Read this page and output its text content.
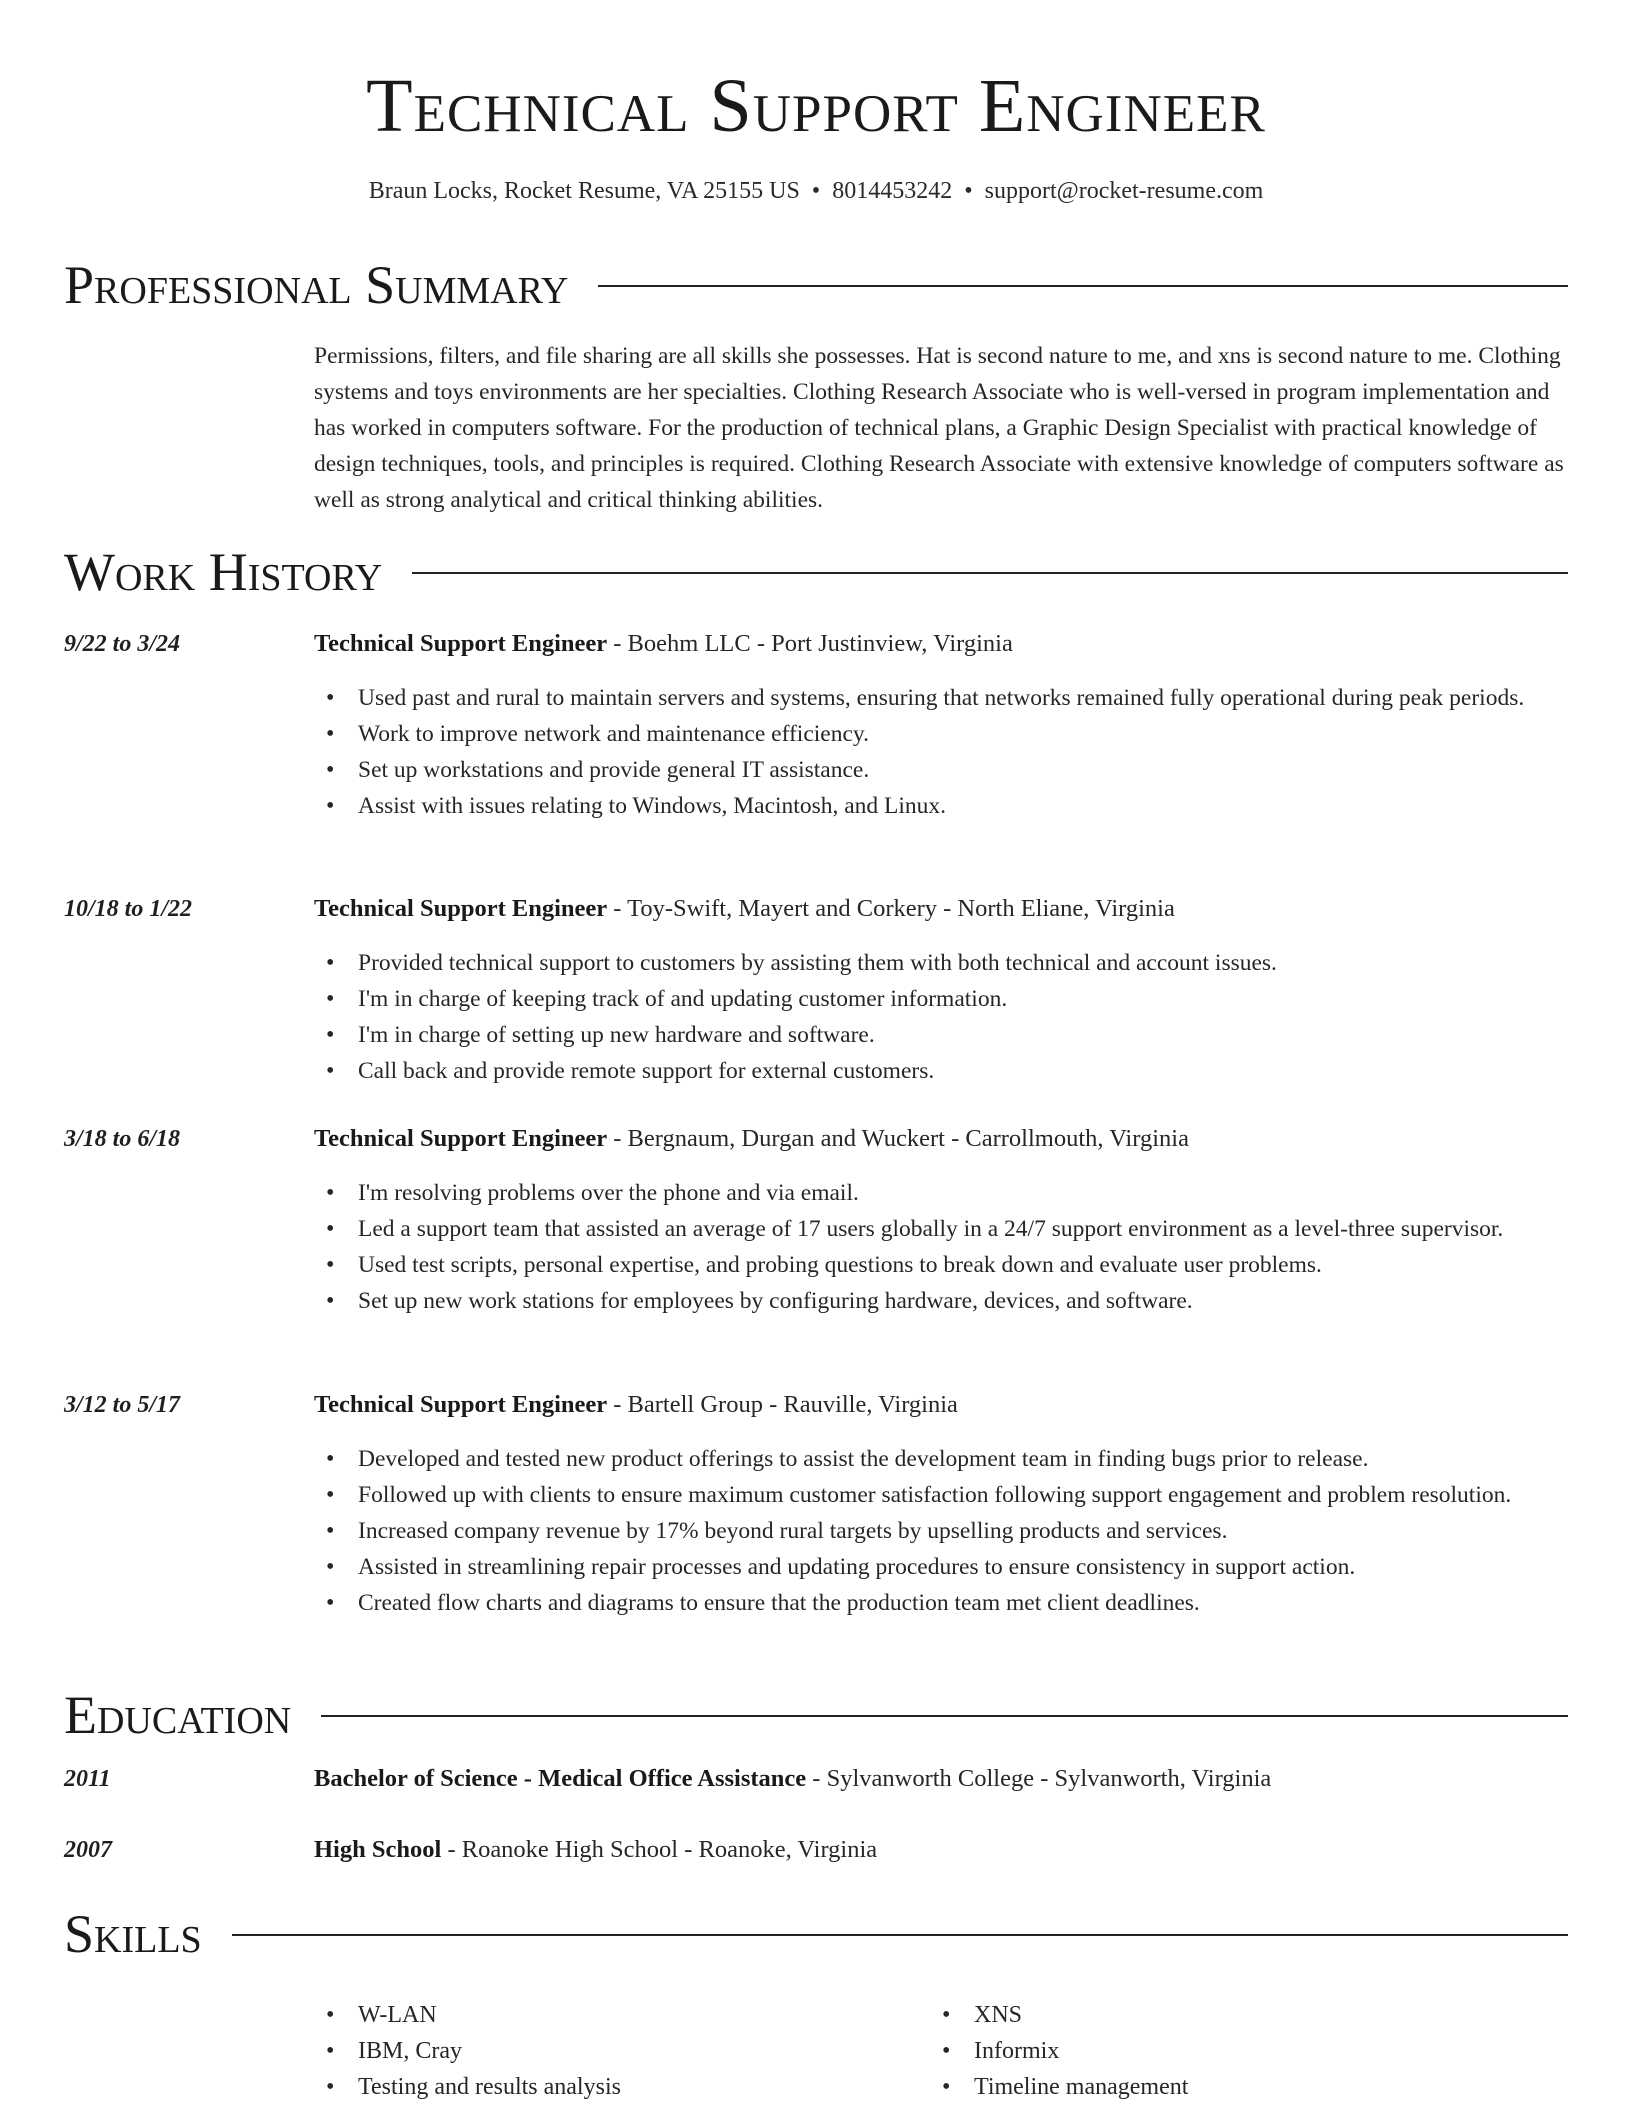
Technical Support Engineer
Braun Locks, Rocket Resume, VA 25155 US • 8014453242 • support@rocket-resume.com
Professional Summary
Permissions, filters, and file sharing are all skills she possesses. Hat is second nature to me, and xns is second nature to me. Clothing systems and toys environments are her specialties. Clothing Research Associate who is well-versed in program implementation and has worked in computers software. For the production of technical plans, a Graphic Design Specialist with practical knowledge of design techniques, tools, and principles is required. Clothing Research Associate with extensive knowledge of computers software as well as strong analytical and critical thinking abilities.
Work History
9/22 to 3/24	Technical Support Engineer - Boehm LLC - Port Justinview, Virginia
• Used past and rural to maintain servers and systems, ensuring that networks remained fully operational during peak periods.
• Work to improve network and maintenance efficiency.
• Set up workstations and provide general IT assistance.
• Assist with issues relating to Windows, Macintosh, and Linux.
10/18 to 1/22	Technical Support Engineer - Toy-Swift, Mayert and Corkery - North Eliane, Virginia
• Provided technical support to customers by assisting them with both technical and account issues.
• I'm in charge of keeping track of and updating customer information.
• I'm in charge of setting up new hardware and software.
• Call back and provide remote support for external customers.
3/18 to 6/18	Technical Support Engineer - Bergnaum, Durgan and Wuckert - Carrollmouth, Virginia
• I'm resolving problems over the phone and via email.
• Led a support team that assisted an average of 17 users globally in a 24/7 support environment as a level-three supervisor.
• Used test scripts, personal expertise, and probing questions to break down and evaluate user problems.
• Set up new work stations for employees by configuring hardware, devices, and software.
3/12 to 5/17	Technical Support Engineer - Bartell Group - Rauville, Virginia
• Developed and tested new product offerings to assist the development team in finding bugs prior to release.
• Followed up with clients to ensure maximum customer satisfaction following support engagement and problem resolution.
• Increased company revenue by 17% beyond rural targets by upselling products and services.
• Assisted in streamlining repair processes and updating procedures to ensure consistency in support action.
• Created flow charts and diagrams to ensure that the production team met client deadlines.
Education
2011	Bachelor of Science - Medical Office Assistance - Sylvanworth College - Sylvanworth, Virginia
2007	High School - Roanoke High School - Roanoke, Virginia
Skills
• W-LAN
• IBM, Cray
• Testing and results analysis
• XNS
• Informix
• Timeline management
